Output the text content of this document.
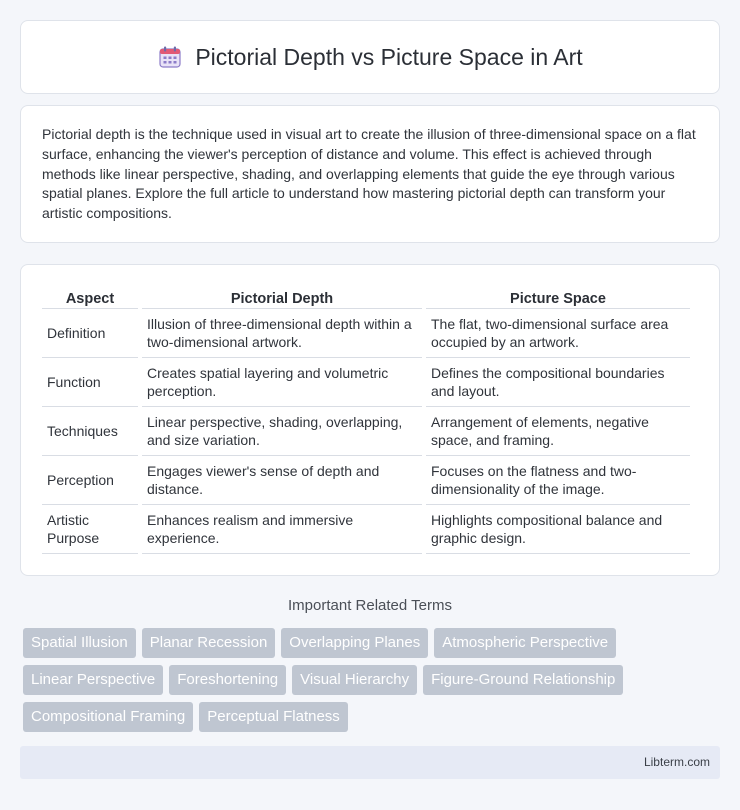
Pictorial Depth vs Picture Space in Art

Pictorial depth is the technique used in visual art to create the illusion of three-dimensional space on a flat surface, enhancing the viewer's perception of distance and volume. This effect is achieved through methods like linear perspective, shading, and overlapping elements that guide the eye through various spatial planes. Explore the full article to understand how mastering pictorial depth can transform your artistic compositions.

Aspect	Pictorial Depth	Picture Space
Definition	Illusion of three-dimensional depth within a two-dimensional artwork.	The flat, two-dimensional surface area occupied by an artwork.
Function	Creates spatial layering and volumetric perception.	Defines the compositional boundaries and layout.
Techniques	Linear perspective, shading, overlapping, and size variation.	Arrangement of elements, negative space, and framing.
Perception	Engages viewer's sense of depth and distance.	Focuses on the flatness and two-dimensionality of the image.
Artistic Purpose	Enhances realism and immersive experience.	Highlights compositional balance and graphic design.
Important Related Terms
Spatial Illusion	Planar Recession	Overlapping Planes	Atmospheric Perspective
Linear Perspective	Foreshortening	Visual Hierarchy	Figure-Ground Relationship
Compositional Framing	Perceptual Flatness
Libterm.com
